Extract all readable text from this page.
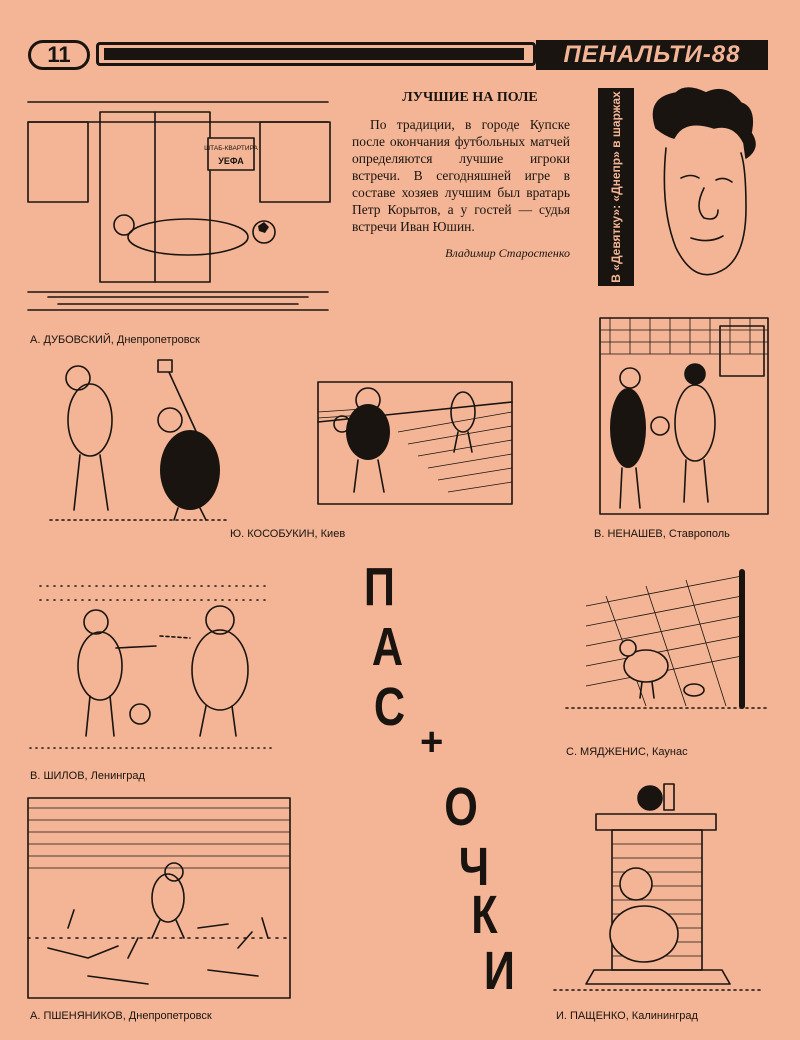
11	ПЕНАЛЬТИ-88
ШТАБ-КВАРТИРА
УЕФА
А. ДУБОВСКИЙ, Днепропетровск
ЛУЧШИЕ НА ПОЛЕ
По традиции, в городе Купске после окончания футбольных матчей определяются лучшие игроки встречи. В сегодняшней игре в составе хозяев лучшим был вратарь Петр Корытов, а у гостей — судья встречи Иван Юшин.
Владимир Старостенко	В «Девятку»: «Днепр» в шаржах
Ю. КОСОБУКИН, Киев	В. НЕНАШЕВ, Ставрополь
В. ШИЛОВ, Ленинград
С. МЯДЖЕНИС, Каунас
А. ПШЕНЯНИКОВ, Днепропетровск	И. ПАЩЕНКО, Калининград
П
А
С
+
О
Ч
К
И
